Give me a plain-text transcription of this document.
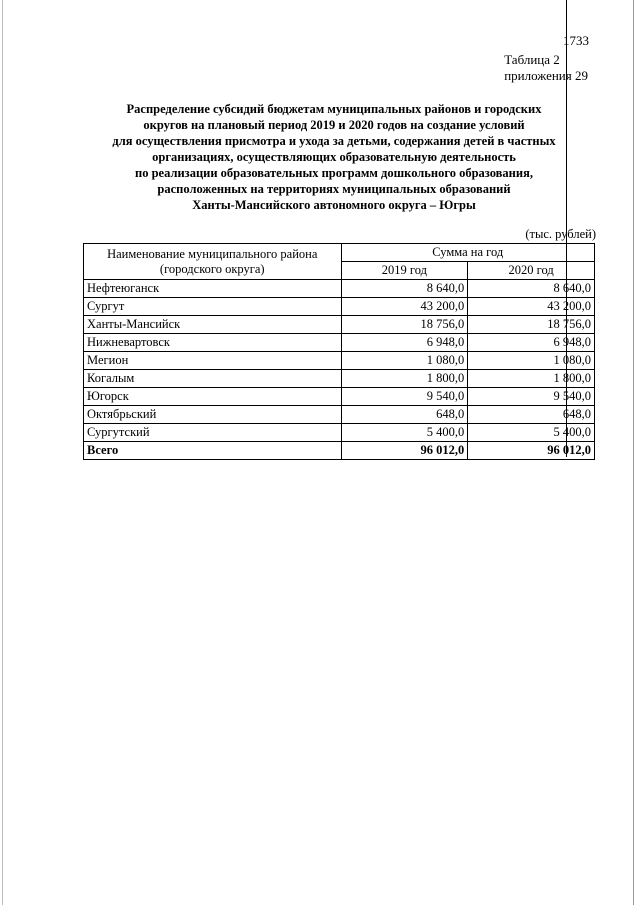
1733
Таблица 2
приложения 29
Распределение субсидий бюджетам муниципальных районов и городских
округов на плановый период 2019 и 2020 годов на создание условий
для осуществления присмотра и ухода за детьми, содержания детей в частных
организациях, осуществляющих образовательную деятельность
по реализации образовательных программ дошкольного образования,
расположенных на территориях муниципальных образований
Ханты-Мансийского автономного округа – Югры
(тыс. рублей)
Наименование муниципального района
(городского округа)	Сумма на год	
	2019 год	2020 год
Нефтеюганск	8 640,0	8 640,0
Сургут	43 200,0	43 200,0
Ханты-Мансийск	18 756,0	18 756,0
Нижневартовск	6 948,0	6 948,0
Мегион	1 080,0	1 080,0
Когалым	1 800,0	1 800,0
Югорск	9 540,0	9 540,0
Октябрьский	648,0	648,0
Сургутский	5 400,0	5 400,0
Всего	96 012,0	96 012,0
